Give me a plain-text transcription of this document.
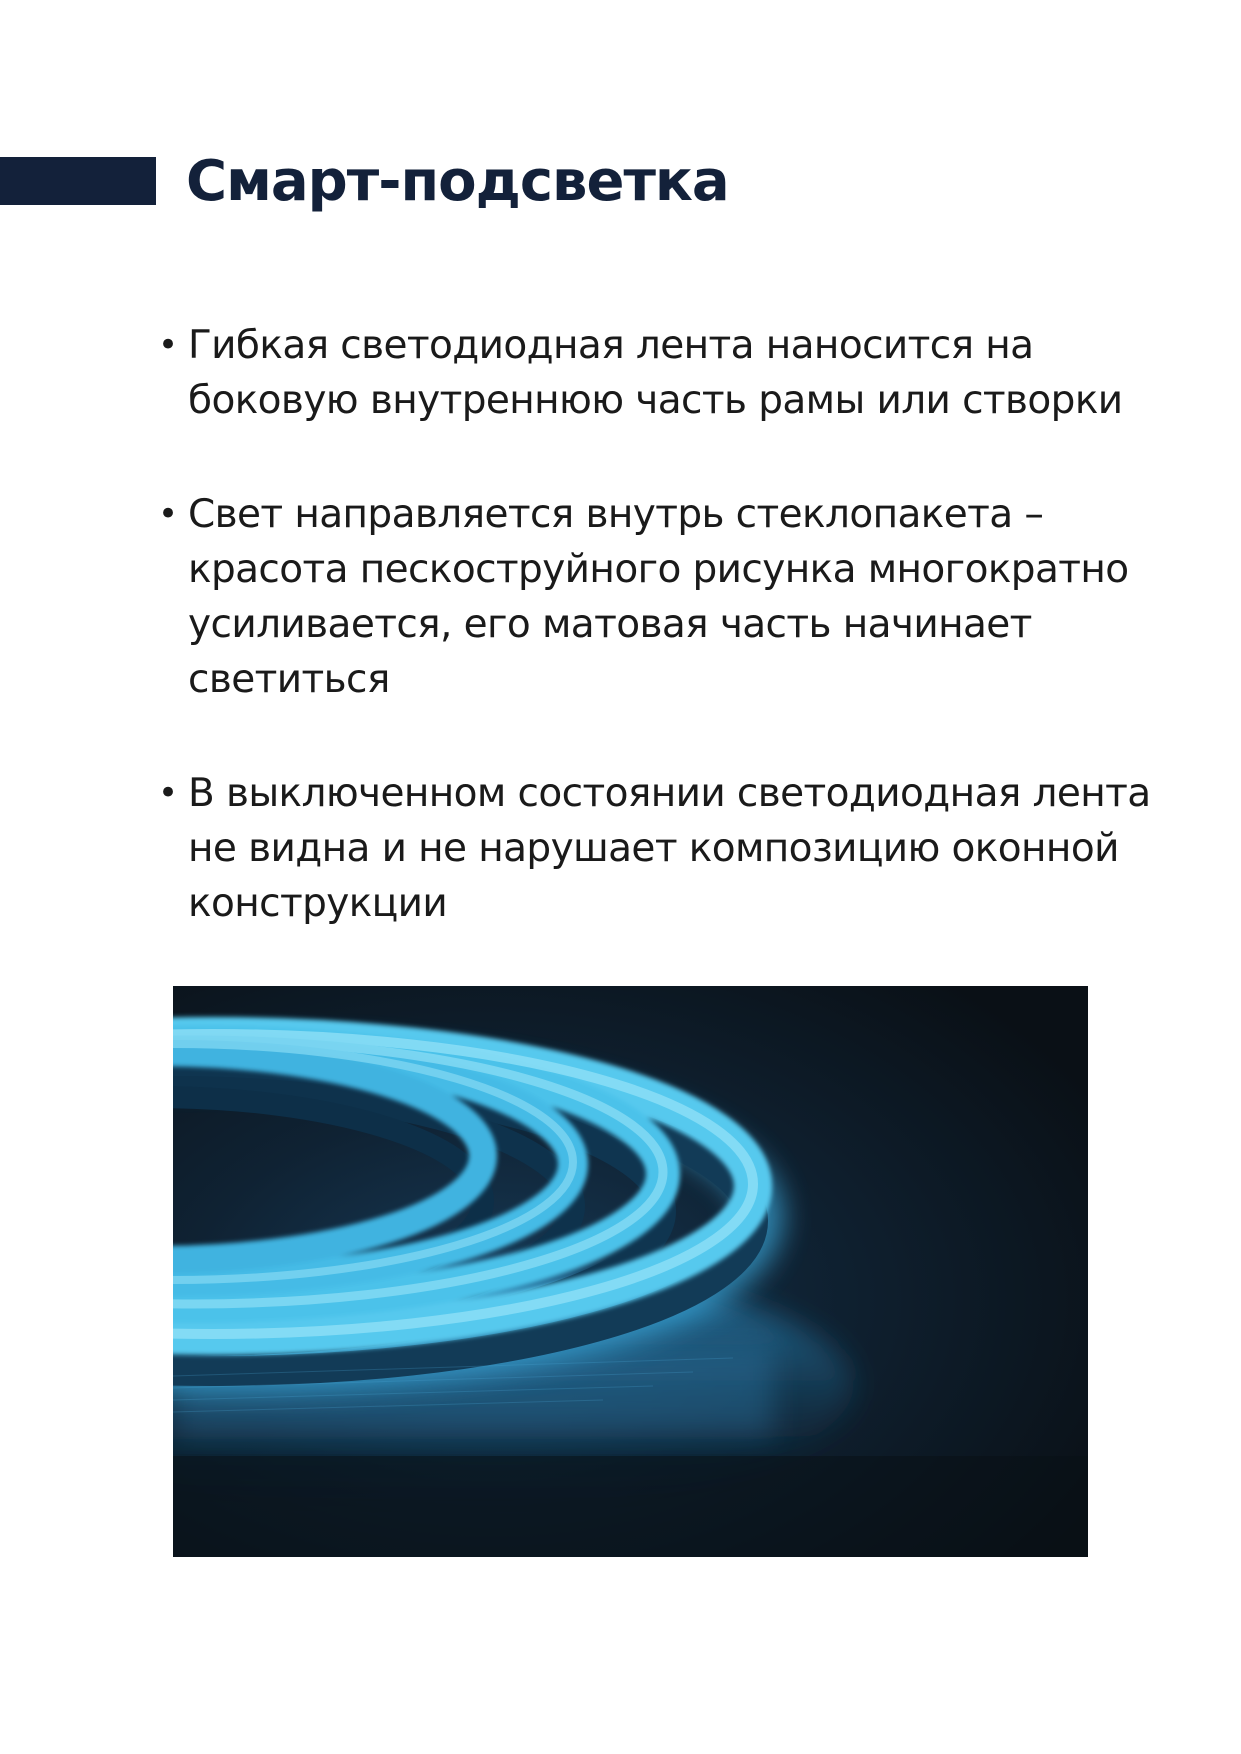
Смарт-подсветка
• Гибкая светодиодная лента наносится на
боковую внутреннюю часть рамы или створки
• Свет направляется внутрь стеклопакета –
красота пескоструйного рисунка многократно
усиливается, его матовая часть начинает
светиться
• В выключенном состоянии светодиодная лента
не видна и не нарушает композицию оконной
конструкции
